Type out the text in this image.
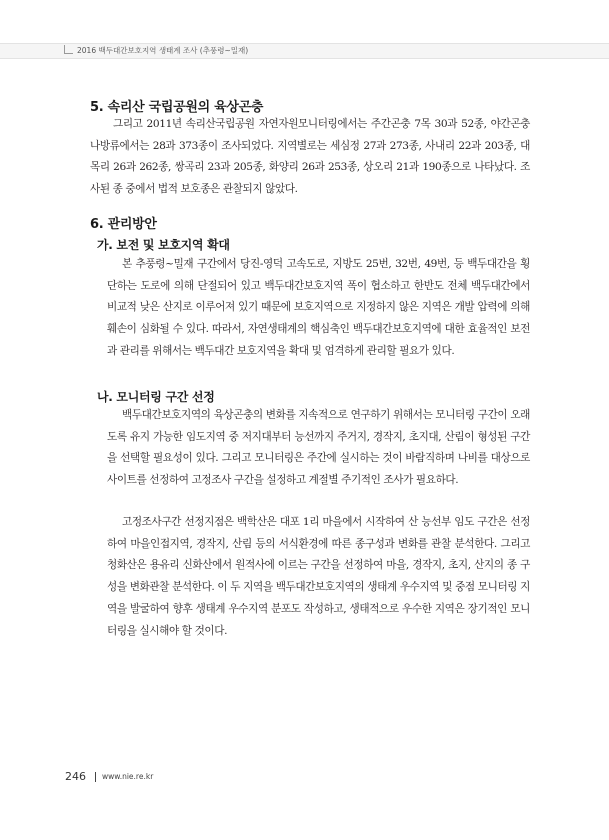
2016 백두대간보호지역 생태계 조사 (추풍령~밀재)
5. 속리산 국립공원의 육상곤충

그리고 2011년 속리산국립공원 자연자원모니터링에서는 주간곤충 7목 30과 52종, 야간곤충 나방류에서는 28과 373종이 조사되었다. 지역별로는 세심정 27과 273종, 사내리 22과 203종, 대목리 26과 262종, 쌍곡리 23과 205종, 화양리 26과 253종, 상오리 21과 190종으로 나타났다. 조사된 종 중에서 법적 보호종은 관찰되지 않았다.

6. 관리방안
가. 보전 및 보호지역 확대

본 추풍령~밀재 구간에서 당진-영덕 고속도로, 지방도 25번, 32번, 49번, 등 백두대간을 횡단하는 도로에 의해 단절되어 있고 백두대간보호지역 폭이 협소하고 한반도 전체 백두대간에서 비교적 낮은 산지로 이루어져 있기 때문에 보호지역으로 지정하지 않은 지역은 개발 압력에 의해 훼손이 심화될 수 있다. 따라서, 자연생태계의 핵심축인 백두대간보호지역에 대한 효율적인 보전과 관리를 위해서는 백두대간 보호지역을 확대 및 엄격하게 관리할 필요가 있다.

나. 모니터링 구간 선정

백두대간보호지역의 육상곤충의 변화를 지속적으로 연구하기 위해서는 모니터링 구간이 오래도록 유지 가능한 임도지역 중 저지대부터 능선까지 주거지, 경작지, 초지대, 산림이 형성된 구간을 선택할 필요성이 있다. 그리고 모니터링은 주간에 실시하는 것이 바람직하며 나비를 대상으로 사이트를 선정하여 고정조사 구간을 설정하고 계절별 주기적인 조사가 필요하다.

고정조사구간 선정지점은 백학산은 대포 1리 마을에서 시작하여 산 능선부 임도 구간은 선정하여 마을인접지역, 경작지, 산림 등의 서식환경에 따른 종구성과 변화를 관찰 분석한다. 그리고 청화산은 용유리 신화산에서 원적사에 이르는 구간을 선정하여 마을, 경작지, 초지, 산지의 종 구성을 변화관찰 분석한다. 이 두 지역을 백두대간보호지역의 생태계 우수지역 및 중점 모니터링 지역을 발굴하여 향후 생태계 우수지역 분포도 작성하고, 생태적으로 우수한 지역은 장기적인 모니터링을 실시해야 할 것이다.

246 www.nie.re.kr
